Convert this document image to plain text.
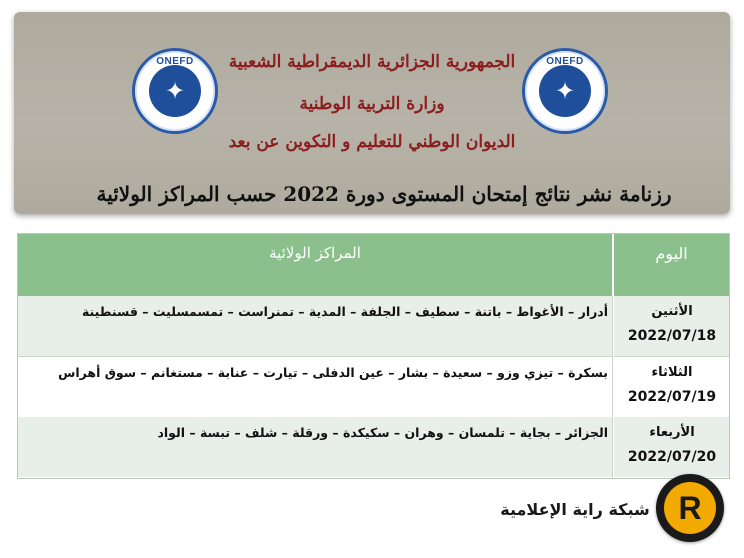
✦
ONEFD
✦
ONEFD
الجمهورية الجزائرية الديمقراطية الشعبية
وزارة التربية الوطنية
الديوان الوطني للتعليم و التكوين عن بعد
رزنامة نشر نتائج إمتحان المستوى دورة 2022 حسب المراكز الولائية
المراكز الولائية	اليوم
أدرار – الأغواط – باتنة – سطيف – الجلفة – المدية – تمنراست – تمسمسليت – قسنطينة	الأثنين
2022/07/18
بسكرة – تيزي وزو – سعيدة – بشار – عين الدفلى – تيارت – عنابة – مستغانم – سوق أهراس	الثلاثاء
2022/07/19
الجزائر – بجاية – تلمسان – وهران – سكيكدة – ورقلة – شلف – تبسة – الواد	الأربعاء
2022/07/20
شبكة راية الإعلامية R
